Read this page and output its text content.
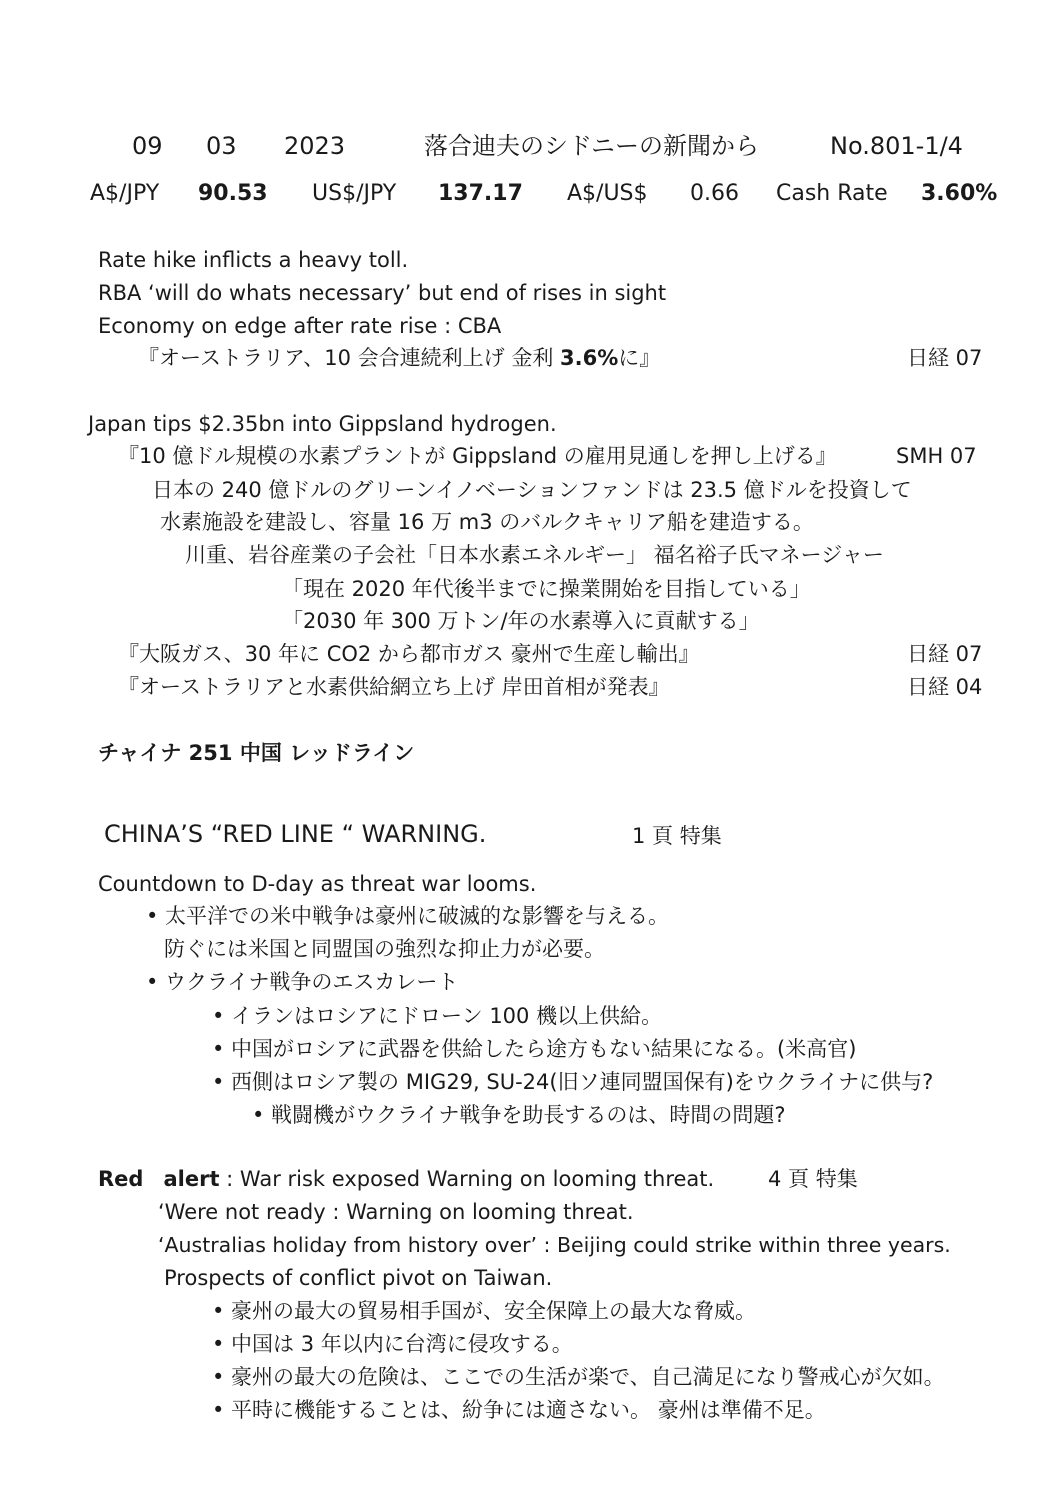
09 03 2023	落合迪夫のシドニーの新聞から	No.801-1/4
A$/JPY 90.53 US$/JPY 137.17 A$/US$ 0.66 Cash Rate 3.60%
Rate hike inflicts a heavy toll.
RBA ‘will do whats necessary’ but end of rises in sight
Economy on edge after rate rise : CBA
『オーストラリア、10 会合連続利上げ 金利 3.6%に』	日経 07
Japan tips $2.35bn into Gippsland hydrogen.
『10 億ドル規模の水素プラントが Gippsland の雇用見通しを押し上げる』	SMH 07
日本の 240 億ドルのグリーンイノベーションファンドは 23.5 億ドルを投資して
水素施設を建設し、容量 16 万 m3 のバルクキャリア船を建造する。
川重、岩谷産業の子会社「日本水素エネルギー」 福名裕子氏マネージャー
「現在 2020 年代後半までに操業開始を目指している」
「2030 年 300 万トン/年の水素導入に貢献する」
『大阪ガス、30 年に CO2 から都市ガス 豪州で生産し輸出』	日経 07
『オーストラリアと水素供給網立ち上げ 岸田首相が発表』	日経 04
チャイナ 251 中国 レッドライン
CHINA’S “RED LINE “ WARNING.	1 頁 特集
Countdown to D-day as threat war looms.
• 太平洋での米中戦争は豪州に破滅的な影響を与える。
防ぐには米国と同盟国の強烈な抑止力が必要。
• ウクライナ戦争のエスカレート
• イランはロシアにドローン 100 機以上供給。
• 中国がロシアに武器を供給したら途方もない結果になる。(米高官)
• 西側はロシア製の MIG29, SU-24(旧ソ連同盟国保有)をウクライナに供与?
• 戦闘機がウクライナ戦争を助長するのは、時間の問題?
Red alert : War risk exposed Warning on looming threat.	4 頁 特集
‘Were not ready : Warning on looming threat.
‘Australias holiday from history over’ : Beijing could strike within three years.
Prospects of conflict pivot on Taiwan.
• 豪州の最大の貿易相手国が、安全保障上の最大な脅威。
• 中国は 3 年以内に台湾に侵攻する。
• 豪州の最大の危険は、ここでの生活が楽で、自己満足になり警戒心が欠如。
• 平時に機能することは、紛争には適さない。 豪州は準備不足。
